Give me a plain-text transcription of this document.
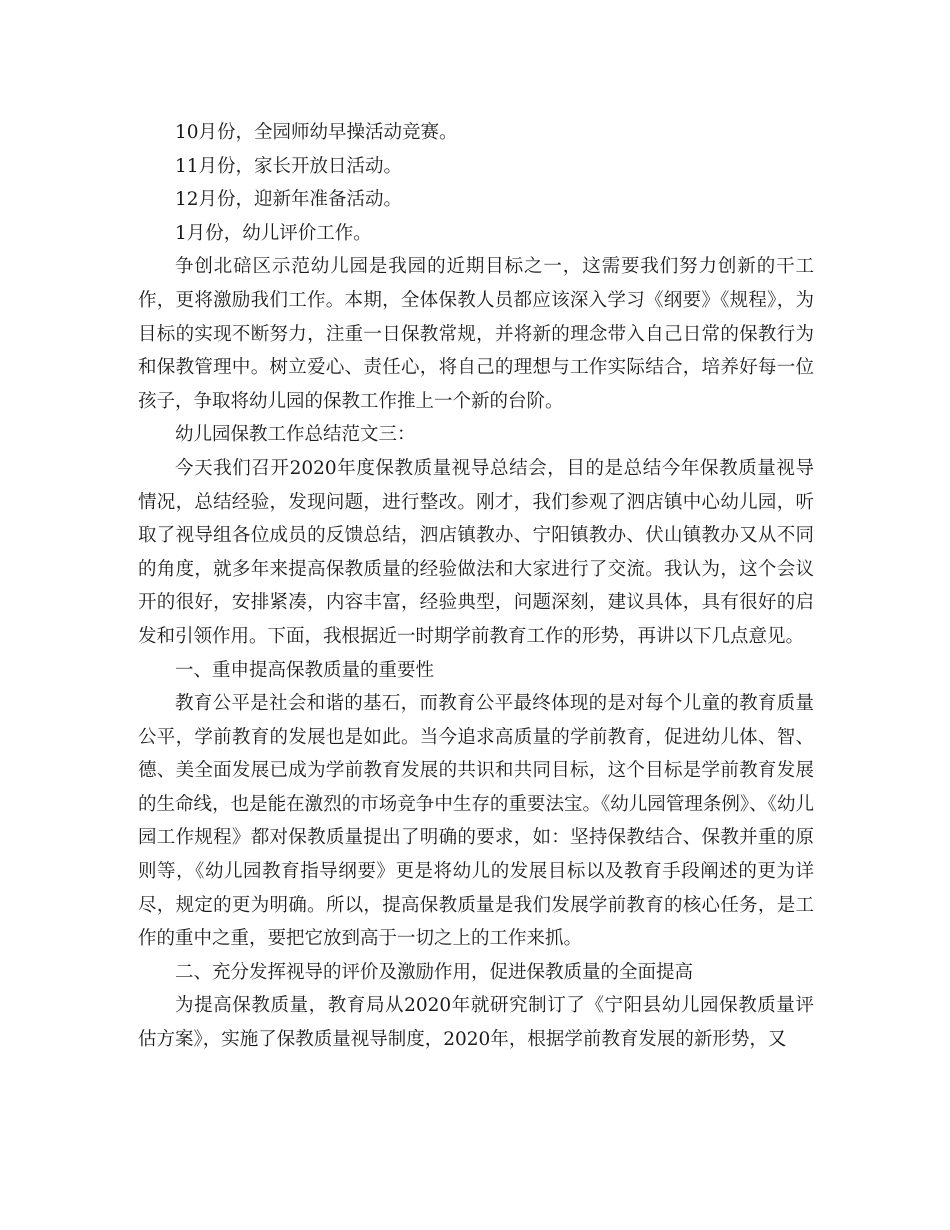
10月份，全园师幼早操活动竞赛。

11月份，家长开放日活动。

12月份，迎新年准备活动。

1月份，幼儿评价工作。

争创北碚区示范幼儿园是我园的近期目标之一，这需要我们努力创新的干工作，更将激励我们工作。本期，全体保教人员都应该深入学习《纲要》《规程》，为目标的实现不断努力，注重一日保教常规，并将新的理念带入自己日常的保教行为和保教管理中。树立爱心、责任心，将自己的理想与工作实际结合，培养好每一位孩子，争取将幼儿园的保教工作推上一个新的台阶。

幼儿园保教工作总结范文三：

今天我们召开2020年度保教质量视导总结会，目的是总结今年保教质量视导情况，总结经验，发现问题，进行整改。刚才，我们参观了泗店镇中心幼儿园，听取了视导组各位成员的反馈总结，泗店镇教办、宁阳镇教办、伏山镇教办又从不同的角度，就多年来提高保教质量的经验做法和大家进行了交流。我认为，这个会议开的很好，安排紧凑，内容丰富，经验典型，问题深刻，建议具体，具有很好的启发和引领作用。下面，我根据近一时期学前教育工作的形势，再讲以下几点意见。

一、重申提高保教质量的重要性

教育公平是社会和谐的基石，而教育公平最终体现的是对每个儿童的教育质量公平，学前教育的发展也是如此。当今追求高质量的学前教育，促进幼儿体、智、德、美全面发展已成为学前教育发展的共识和共同目标，这个目标是学前教育发展的生命线，也是能在激烈的市场竞争中生存的重要法宝。《幼儿园管理条例》、《幼儿园工作规程》都对保教质量提出了明确的要求，如：坚持保教结合、保教并重的原则等，《幼儿园教育指导纲要》更是将幼儿的发展目标以及教育手段阐述的更为详尽，规定的更为明确。所以，提高保教质量是我们发展学前教育的核心任务，是工作的重中之重，要把它放到高于一切之上的工作来抓。

二、充分发挥视导的评价及激励作用，促进保教质量的全面提高

为提高保教质量，教育局从2020年就研究制订了《宁阳县幼儿园保教质量评估方案》，实施了保教质量视导制度，2020年，根据学前教育发展的新形势，又
